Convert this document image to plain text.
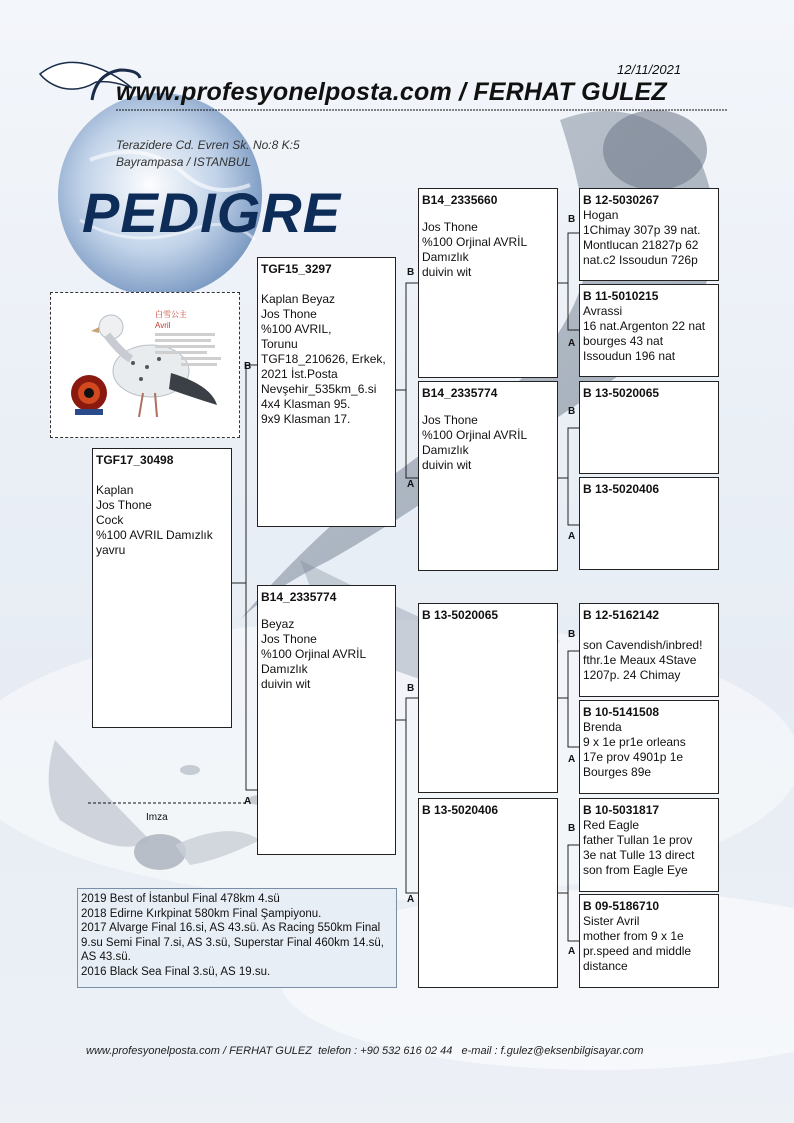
12/11/2021
www.profesyonelposta.com / FERHAT GULEZ
Terazidere Cd. Evren Sk. No:8 K:5
Bayrampasa / ISTANBUL
PEDIGRE
白雪公主
Avril
TGF17_30498
Kaplan
Jos Thone
Cock
%100 AVRIL Damızlık
yavru
TGF15_3297
Kaplan Beyaz
Jos Thone
%100 AVRIL,
Torunu
TGF18_210626, Erkek,
2021 İst.Posta
Nevşehir_535km_6.si
4x4 Klasman 95.
9x9 Klasman 17.
B14_2335774
Beyaz
Jos Thone
%100 Orjinal AVRİL
Damızlık
duivin wit
B14_2335660
Jos Thone
%100 Orjinal AVRİL
Damızlık
duivin wit
B14_2335774
Jos Thone
%100 Orjinal AVRİL
Damızlık
duivin wit
B 13-5020065
B 13-5020406
B 12-5030267
Hogan
1Chimay 307p 39 nat.
Montlucan 21827p 62
nat.c2 Issoudun 726p
B 11-5010215
Avrassi
16 nat.Argenton 22 nat
bourges 43 nat
Issoudun 196 nat
B 13-5020065
B 13-5020406
B 12-5162142

son Cavendish/inbred!
fthr.1e Meaux 4Stave
1207p. 24 Chimay
B 10-5141508
Brenda
9 x 1e pr1e orleans
17e prov 4901p 1e
Bourges 89e
B 10-5031817
Red Eagle
father Tullan 1e prov
3e nat Tulle 13 direct
son from Eagle Eye
B 09-5186710
Sister Avril
mother from 9 x 1e
pr.speed and middle
distance
B
A
B
A
B
A
B
A
B
A
B
A
B
A
Imza
2019 Best of İstanbul Final 478km 4.sü
2018 Edirne Kırkpinat 580km Final Şampiyonu.
2017 Alvarge Final 16.si, AS 43.sü. As Racing 550km Final 9.su Semi Final 7.si, AS 3.sü, Superstar Final 460km 14.sü, AS 43.sü.
2016 Black Sea Final 3.sü, AS 19.su.
www.profesyonelposta.com / FERHAT GULEZ  telefon : +90 532 616 02 44   e-mail : f.gulez@eksenbilgisayar.com
